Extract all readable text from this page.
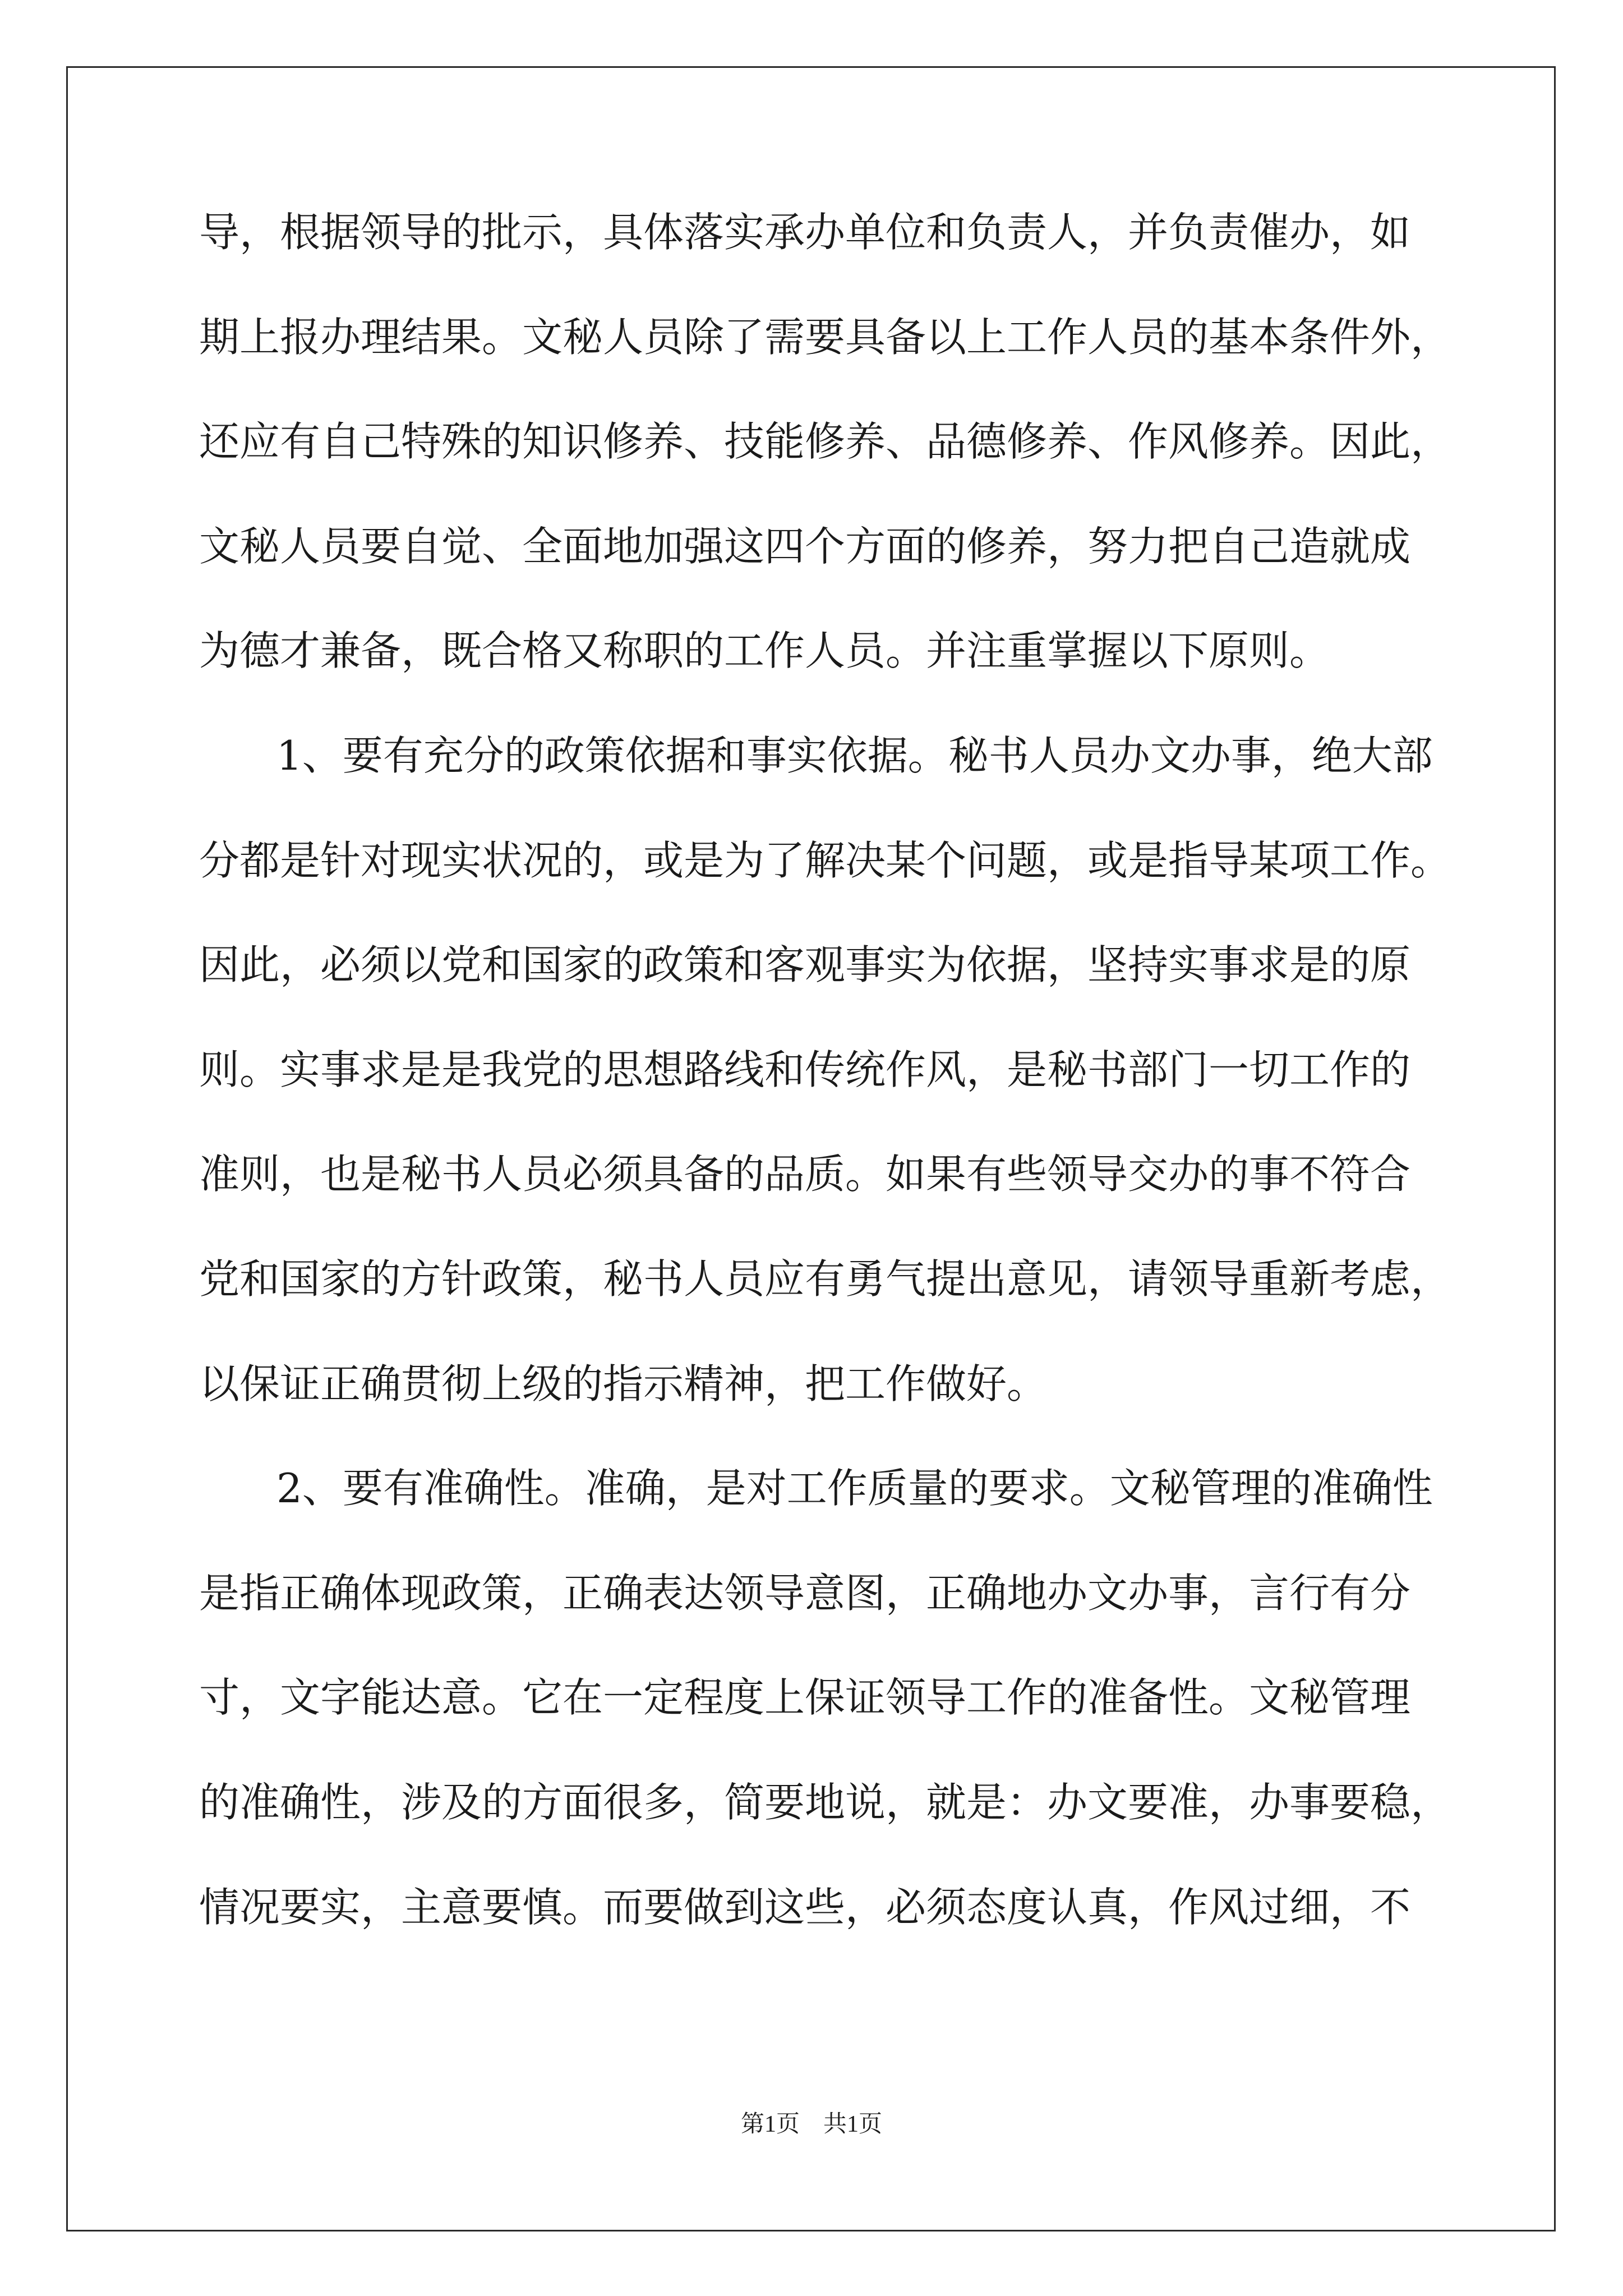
导，根据领导的批示，具体落实承办单位和负责人，并负责催办，如
期上报办理结果。文秘人员除了需要具备以上工作人员的基本条件外，
还应有自己特殊的知识修养、技能修养、品德修养、作风修养。因此，
文秘人员要自觉、全面地加强这四个方面的修养，努力把自己造就成
为德才兼备，既合格又称职的工作人员。并注重掌握以下原则。
1、要有充分的政策依据和事实依据。秘书人员办文办事，绝大部
分都是针对现实状况的，或是为了解决某个问题，或是指导某项工作。
因此，必须以党和国家的政策和客观事实为依据，坚持实事求是的原
则。实事求是是我党的思想路线和传统作风，是秘书部门一切工作的
准则，也是秘书人员必须具备的品质。如果有些领导交办的事不符合
党和国家的方针政策，秘书人员应有勇气提出意见，请领导重新考虑，
以保证正确贯彻上级的指示精神，把工作做好。
2、要有准确性。准确，是对工作质量的要求。文秘管理的准确性
是指正确体现政策，正确表达领导意图，正确地办文办事，言行有分
寸，文字能达意。它在一定程度上保证领导工作的准备性。文秘管理
的准确性，涉及的方面很多，简要地说，就是：办文要准，办事要稳，
情况要实，主意要慎。而要做到这些，必须态度认真，作风过细，不
第1页　共1页
